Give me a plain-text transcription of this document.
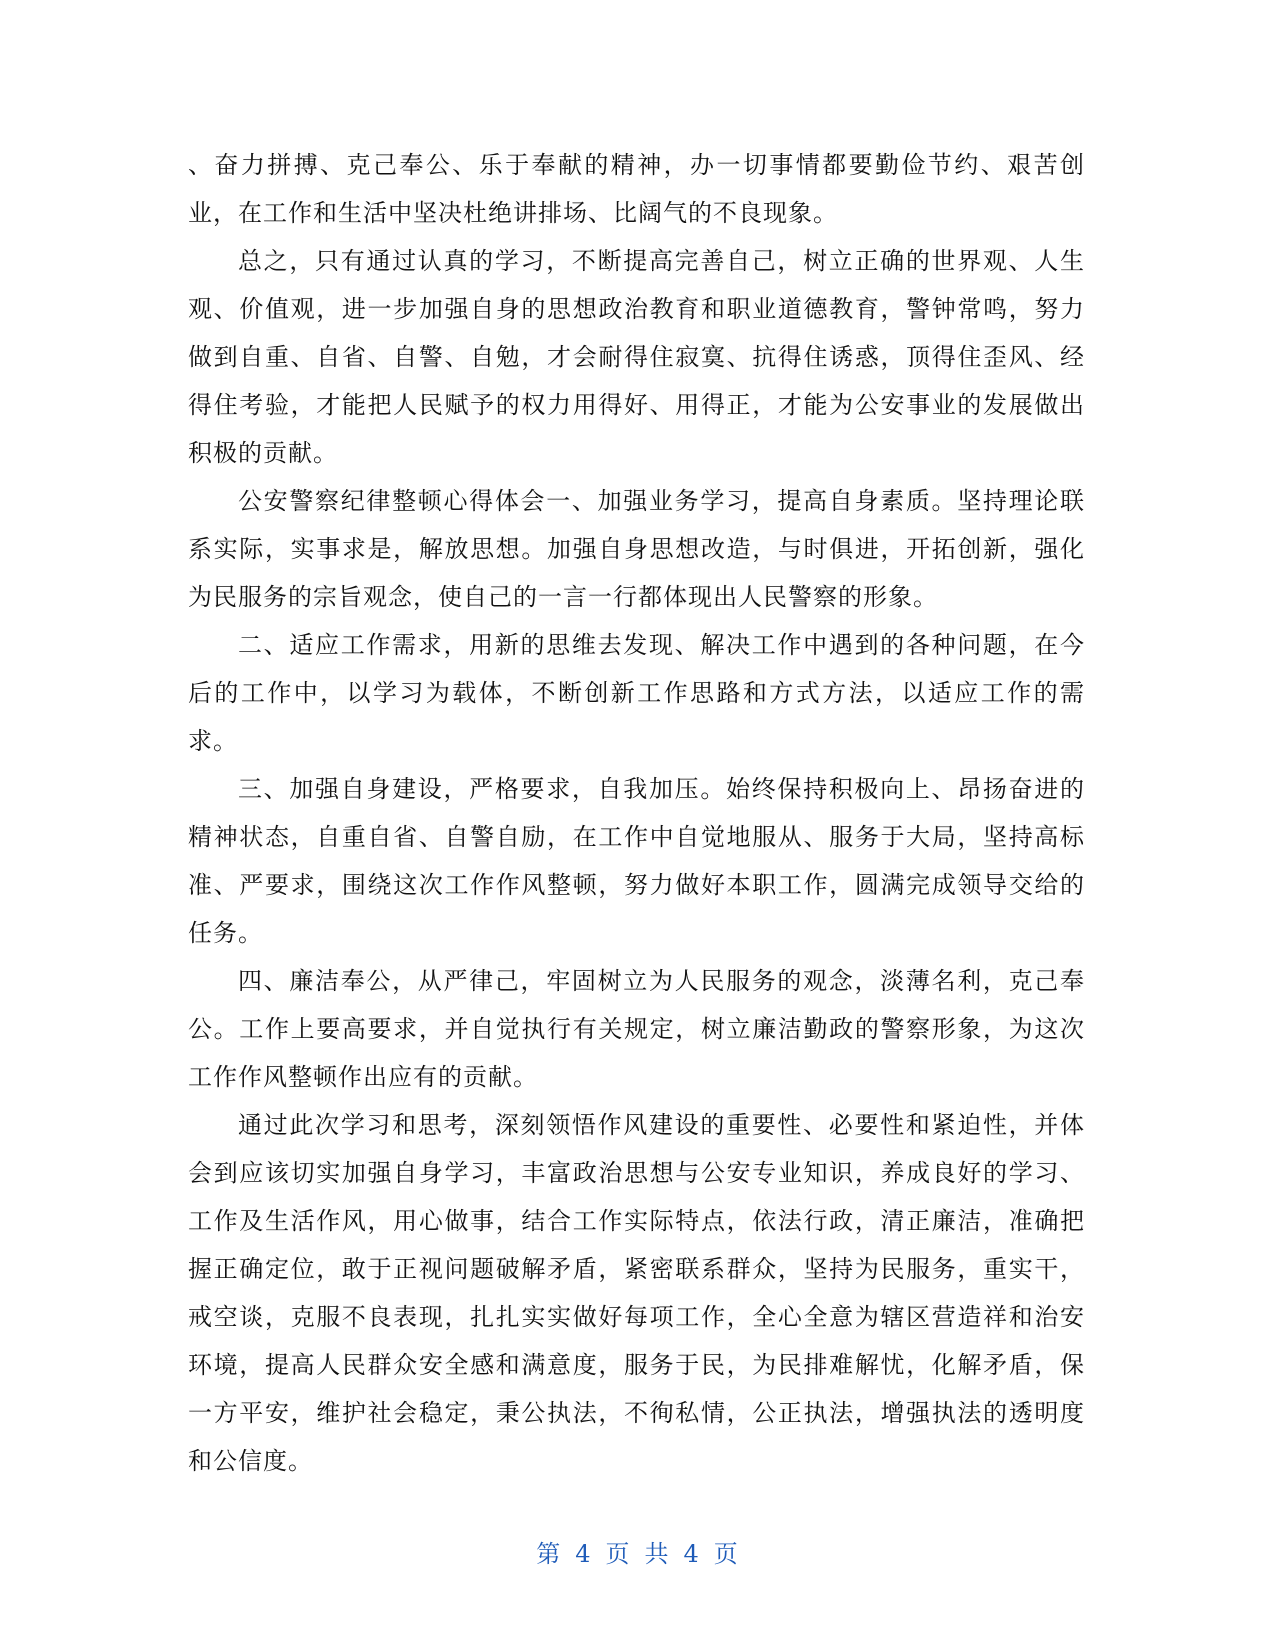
、奋力拼搏、克己奉公、乐于奉献的精神，办一切事情都要勤俭节约、艰苦创业，在工作和生活中坚决杜绝讲排场、比阔气的不良现象。

总之，只有通过认真的学习，不断提高完善自己，树立正确的世界观、人生观、价值观，进一步加强自身的思想政治教育和职业道德教育，警钟常鸣，努力做到自重、自省、自警、自勉，才会耐得住寂寞、抗得住诱惑，顶得住歪风、经得住考验，才能把人民赋予的权力用得好、用得正，才能为公安事业的发展做出积极的贡献。

公安警察纪律整顿心得体会一、加强业务学习，提高自身素质。坚持理论联系实际，实事求是，解放思想。加强自身思想改造，与时俱进，开拓创新，强化为民服务的宗旨观念，使自己的一言一行都体现出人民警察的形象。

二、适应工作需求，用新的思维去发现、解决工作中遇到的各种问题，在今后的工作中，以学习为载体，不断创新工作思路和方式方法，以适应工作的需求。

三、加强自身建设，严格要求，自我加压。始终保持积极向上、昂扬奋进的精神状态，自重自省、自警自励，在工作中自觉地服从、服务于大局，坚持高标准、严要求，围绕这次工作作风整顿，努力做好本职工作，圆满完成领导交给的任务。

四、廉洁奉公，从严律己，牢固树立为人民服务的观念，淡薄名利，克己奉公。工作上要高要求，并自觉执行有关规定，树立廉洁勤政的警察形象，为这次工作作风整顿作出应有的贡献。

通过此次学习和思考，深刻领悟作风建设的重要性、必要性和紧迫性，并体会到应该切实加强自身学习，丰富政治思想与公安专业知识，养成良好的学习、工作及生活作风，用心做事，结合工作实际特点，依法行政，清正廉洁，准确把握正确定位，敢于正视问题破解矛盾，紧密联系群众，坚持为民服务，重实干，戒空谈，克服不良表现，扎扎实实做好每项工作，全心全意为辖区营造祥和治安环境，提高人民群众安全感和满意度，服务于民，为民排难解忧，化解矛盾，保一方平安，维护社会稳定，秉公执法，不徇私情，公正执法，增强执法的透明度和公信度。

第 4 页 共 4 页
